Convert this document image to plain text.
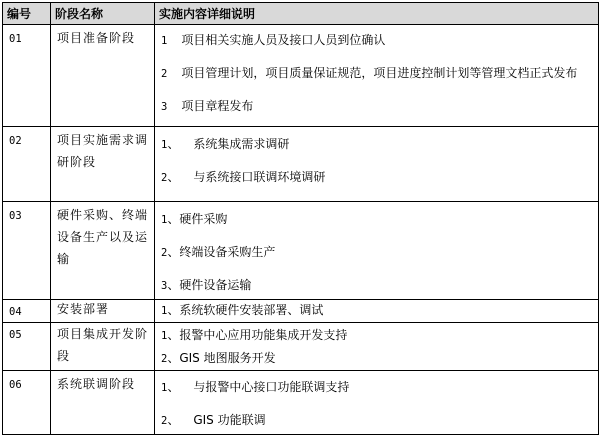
编号	阶段名称	实施内容详细说明
01	项目准备阶段	1 项目相关实施人员及接口人员到位确认
2 项目管理计划，项目质量保证规范，项目进度控制计划等管理文档正式发布
3 项目章程发布

02	项目实施需求调研阶段	1、 系统集成需求调研
2、 与系统接口联调环境调研

03	硬件采购、终端设备生产以及运输	1、硬件采购
2、终端设备采购生产
3、硬件设备运输

04	安装部署	1、系统软硬件安装部署、调试

05	项目集成开发阶段	1、报警中心应用功能集成开发支持
2、GIS 地图服务开发

06	系统联调阶段	1、 与报警中心接口功能联调支持
2、 GIS 功能联调
